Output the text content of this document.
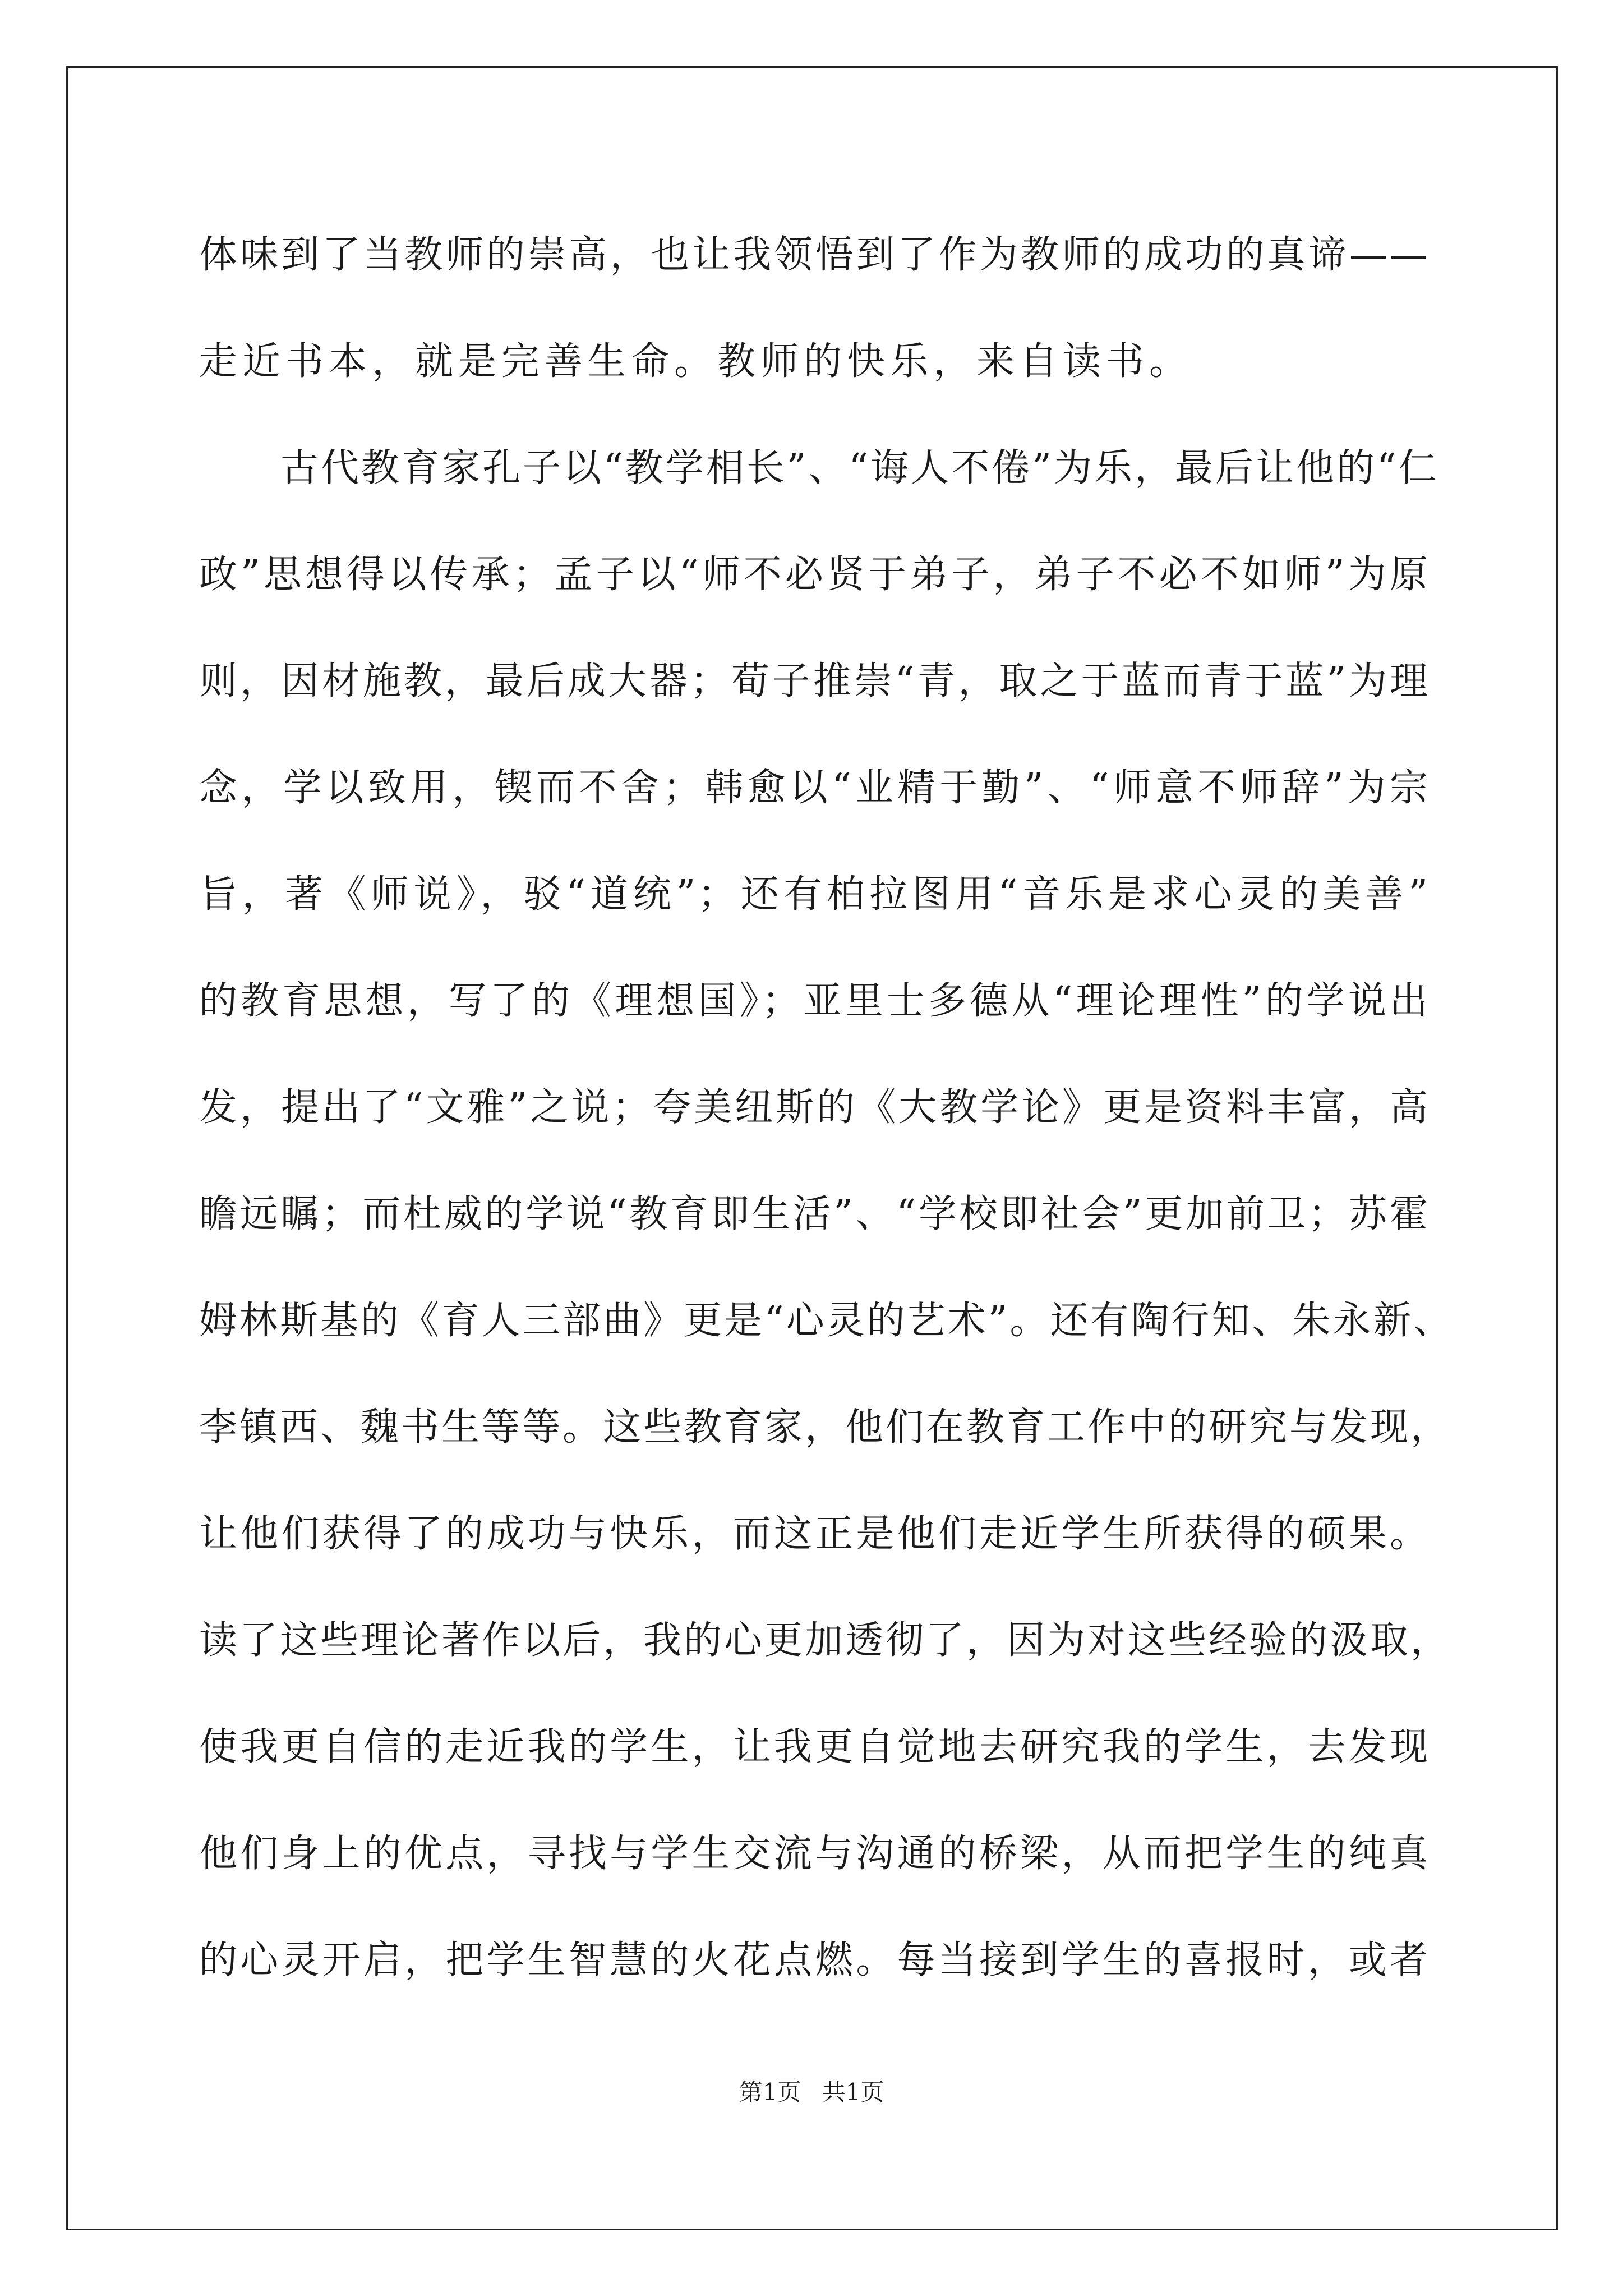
体味到了当教师的崇高，也让我领悟到了作为教师的成功的真谛——
走近书本，就是完善生命。教师的快乐，来自读书。
古代教育家孔子以“教学相长”、“诲人不倦”为乐，最后让他的“仁
政”思想得以传承；孟子以“师不必贤于弟子，弟子不必不如师”为原
则，因材施教，最后成大器；荀子推崇“青，取之于蓝而青于蓝”为理
念，学以致用，锲而不舍；韩愈以“业精于勤”、“师意不师辞”为宗
旨，著《师说》，驳“道统”；还有柏拉图用“音乐是求心灵的美善”
的教育思想，写了的《理想国》；亚里士多德从“理论理性”的学说出
发，提出了“文雅”之说；夸美纽斯的《大教学论》更是资料丰富，高
瞻远瞩；而杜威的学说“教育即生活”、“学校即社会”更加前卫；苏霍
姆林斯基的《育人三部曲》更是“心灵的艺术”。还有陶行知、朱永新、
李镇西、魏书生等等。这些教育家，他们在教育工作中的研究与发现，
让他们获得了的成功与快乐，而这正是他们走近学生所获得的硕果。
读了这些理论著作以后，我的心更加透彻了，因为对这些经验的汲取，
使我更自信的走近我的学生，让我更自觉地去研究我的学生，去发现
他们身上的优点，寻找与学生交流与沟通的桥梁，从而把学生的纯真
的心灵开启，把学生智慧的火花点燃。每当接到学生的喜报时，或者
第1页 共1页
